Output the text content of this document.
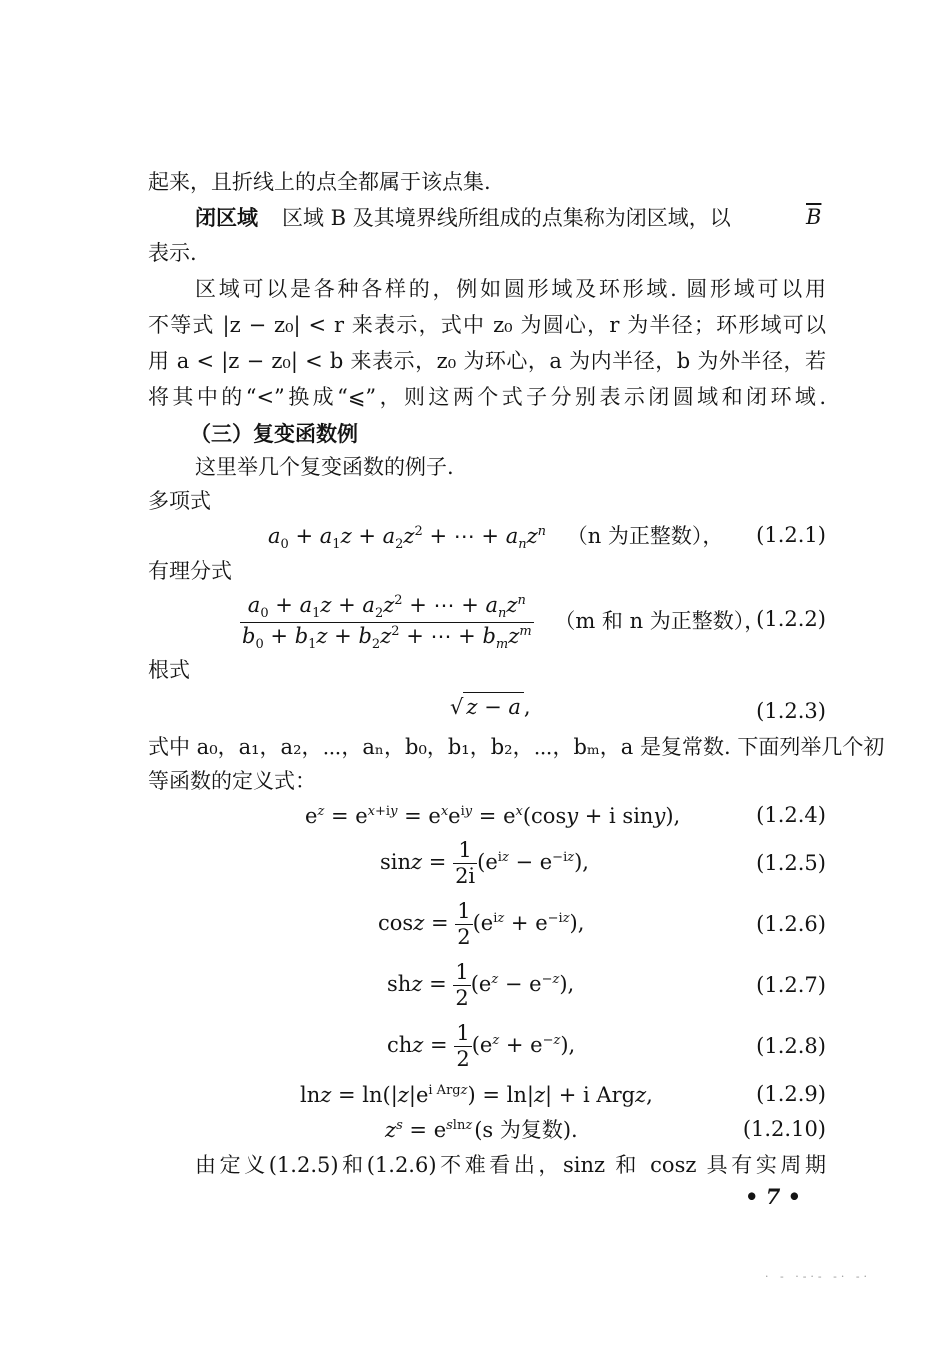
起来，且折线上的点全都属于该点集.
闭区域 区域 B 及其境界线所组成的点集称为闭区域，以	$\overline{B}$
表示.
区域可以是各种各样的，例如圆形域及环形域. 圆形域可以用
不等式 |z − z₀| < r 来表示，式中 z₀ 为圆心，r 为半径；环形域可以
用 a < |z − z₀| < b 来表示，z₀ 为环心，a 为内半径，b 为外半径，若
将其中的“<”换成“⩽”，则这两个式子分别表示闭圆域和闭环域.
（三）复变函数例
这里举几个复变函数的例子.
多项式
$a_0 + a_1z + a_2z^2$ + ⋯ + $a_nz^n$ （n 为正整数）， (1.2.1)
有理分式
$\frac{a_0 + a_1z + a_2z^2 + \cdots + a_nz^n}{b_0 + b_1z + b_2z^2 + \cdots + b_mz^m} (m$ 和 n 为正整数），
(1.2.2)
根式
√ z − a ,	(1.2.3)
式中 a₀，a₁，a₂，⋯，aₙ，b₀，b₁，b₂，⋯，bₘ，a 是复常数. 下面列举几个初
等函数的定义式：
$e^z = e^{x+iy} = e^xe^{iy} = e^x(\cos y + i$ siny),	(1.2.4)
$\sin z = \frac{1}{2i} (e^{iz} - e^{-iz})$,	(1.2.5)
$\cos z = \frac{1}{2} (e^{iz} + e^{-iz})$,	(1.2.6)
shz = $\frac{1}{2} (e^z - e^{-z})$,	(1.2.7)
chz = $\frac{1}{2} (e^z + e^{-z})$,	(1.2.8)
$\ln z = \ln(|z|e^{i Argz}) = \ln|z| + i$ Argz,	(1.2.9)
$z^s = e^{slnz}(s$ 为复数).	(1.2.10)
由定义(1.2.5)和(1.2.6)不难看出，sinz 和 cosz 具有实周期
• 7 •
· ‐ ·-·- -· -·
